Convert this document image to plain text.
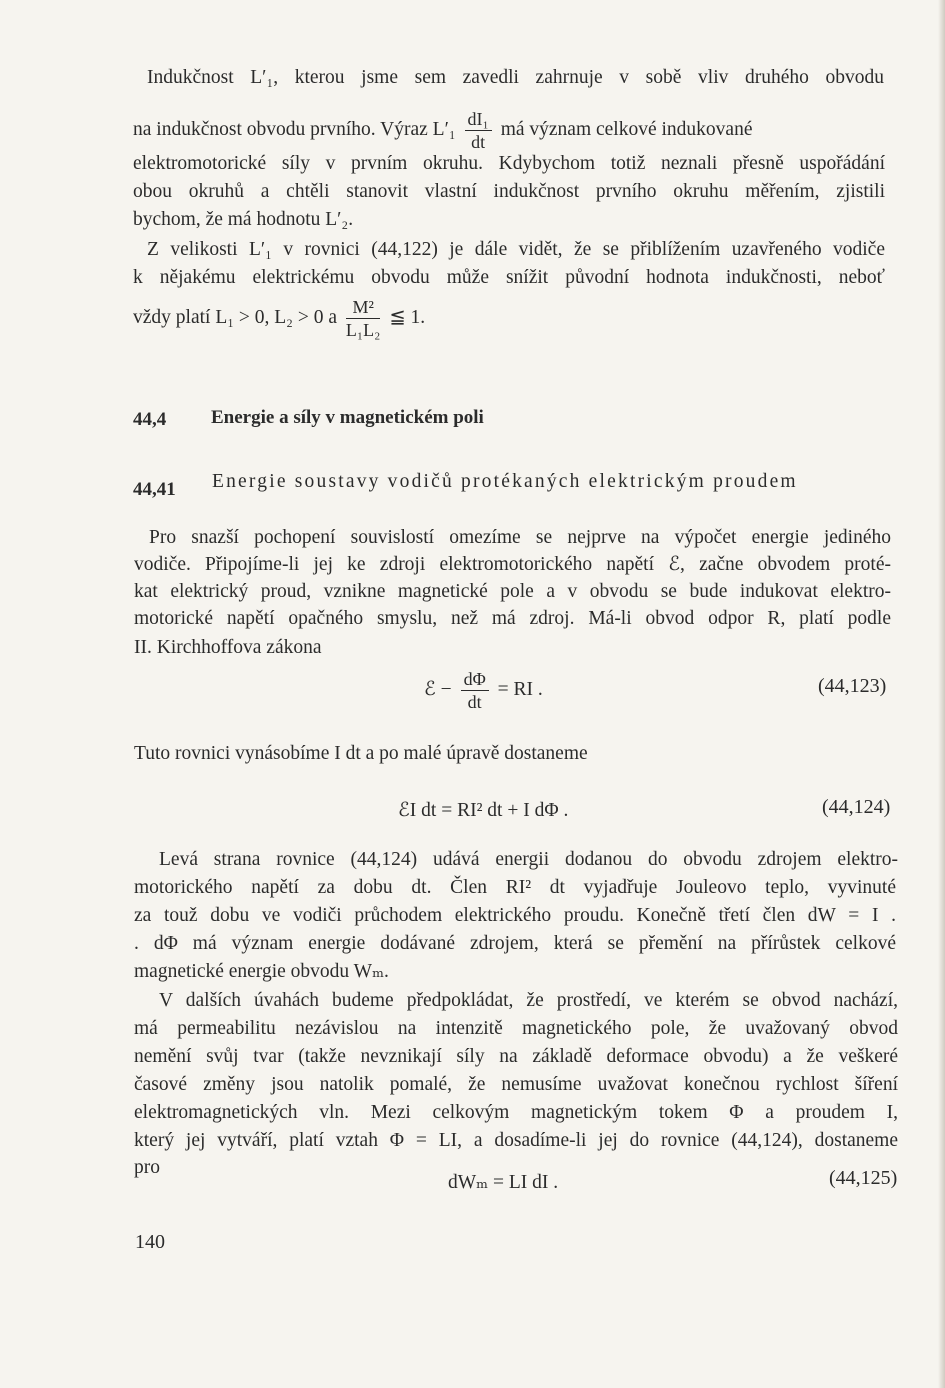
Indukčnost L′₁, kterou jsme sem zavedli zahrnuje v sobě vliv druhého obvodu
na indukčnost obvodu prvního. Výraz $L'_1 \frac{\text{dI₁}}{dt}$ má význam celkové indukované
elektromotorické síly v prvním okruhu. Kdybychom totiž neznali přesně uspořádání
obou okruhů a chtěli stanovit vlastní indukčnost prvního okruhu měřením, zjistili
bychom, že má hodnotu L′₂.
Z velikosti L′₁ v rovnici (44,122) je dále vidět, že se přiblížením uzavřeného vodiče
k nějakému elektrickému obvodu může snížit původní hodnota indukčnosti, neboť
vždy platí L₁ > 0, L₂ > 0 a $\frac{\text{M²}}{\text{L₁L₂}}$ ≦ 1.
44,4 Energie a síly v magnetickém poli
44,41 Energie soustavy vodičů protékaných elektrickým proudem
Pro snazší pochopení souvislostí omezíme se nejprve na výpočet energie jediného
vodiče. Připojíme-li jej ke zdroji elektromotorického napětí ℰ, začne obvodem proté-
kat elektrický proud, vznikne magnetické pole a v obvodu se bude indukovat elektro-
motorické napětí opačného smyslu, než má zdroj. Má-li obvod odpor R, platí podle
II. Kirchhoffova zákona
ℰ − $\frac{d\Phi}{dt}$ = RI .	(44,123)
Tuto rovnici vynásobíme I dt a po malé úpravě dostaneme
ℰI dt = RI² dt + I dΦ .	(44,124)
Levá strana rovnice (44,124) udává energii dodanou do obvodu zdrojem elektro-
motorického napětí za dobu dt. Člen RI² dt vyjadřuje Jouleovo teplo, vyvinuté
za touž dobu ve vodiči průchodem elektrického proudu. Konečně třetí člen dW = I .
. dΦ má význam energie dodávané zdrojem, která se přemění na přírůstek celkové
magnetické energie obvodu Wₘ.
V dalších úvahách budeme předpokládat, že prostředí, ve kterém se obvod nachází,
má permeabilitu nezávislou na intenzitě magnetického pole, že uvažovaný obvod
nemění svůj tvar (takže nevznikají síly na základě deformace obvodu) a že veškeré
časové změny jsou natolik pomalé, že nemusíme uvažovat konečnou rychlost šíření
elektromagnetických vln. Mezi celkovým magnetickým tokem Φ a proudem I,
který jej vytváří, platí vztah Φ = LI, a dosadíme-li jej do rovnice (44,124), dostaneme
pro
dWₘ = LI dI .	(44,125)
140
